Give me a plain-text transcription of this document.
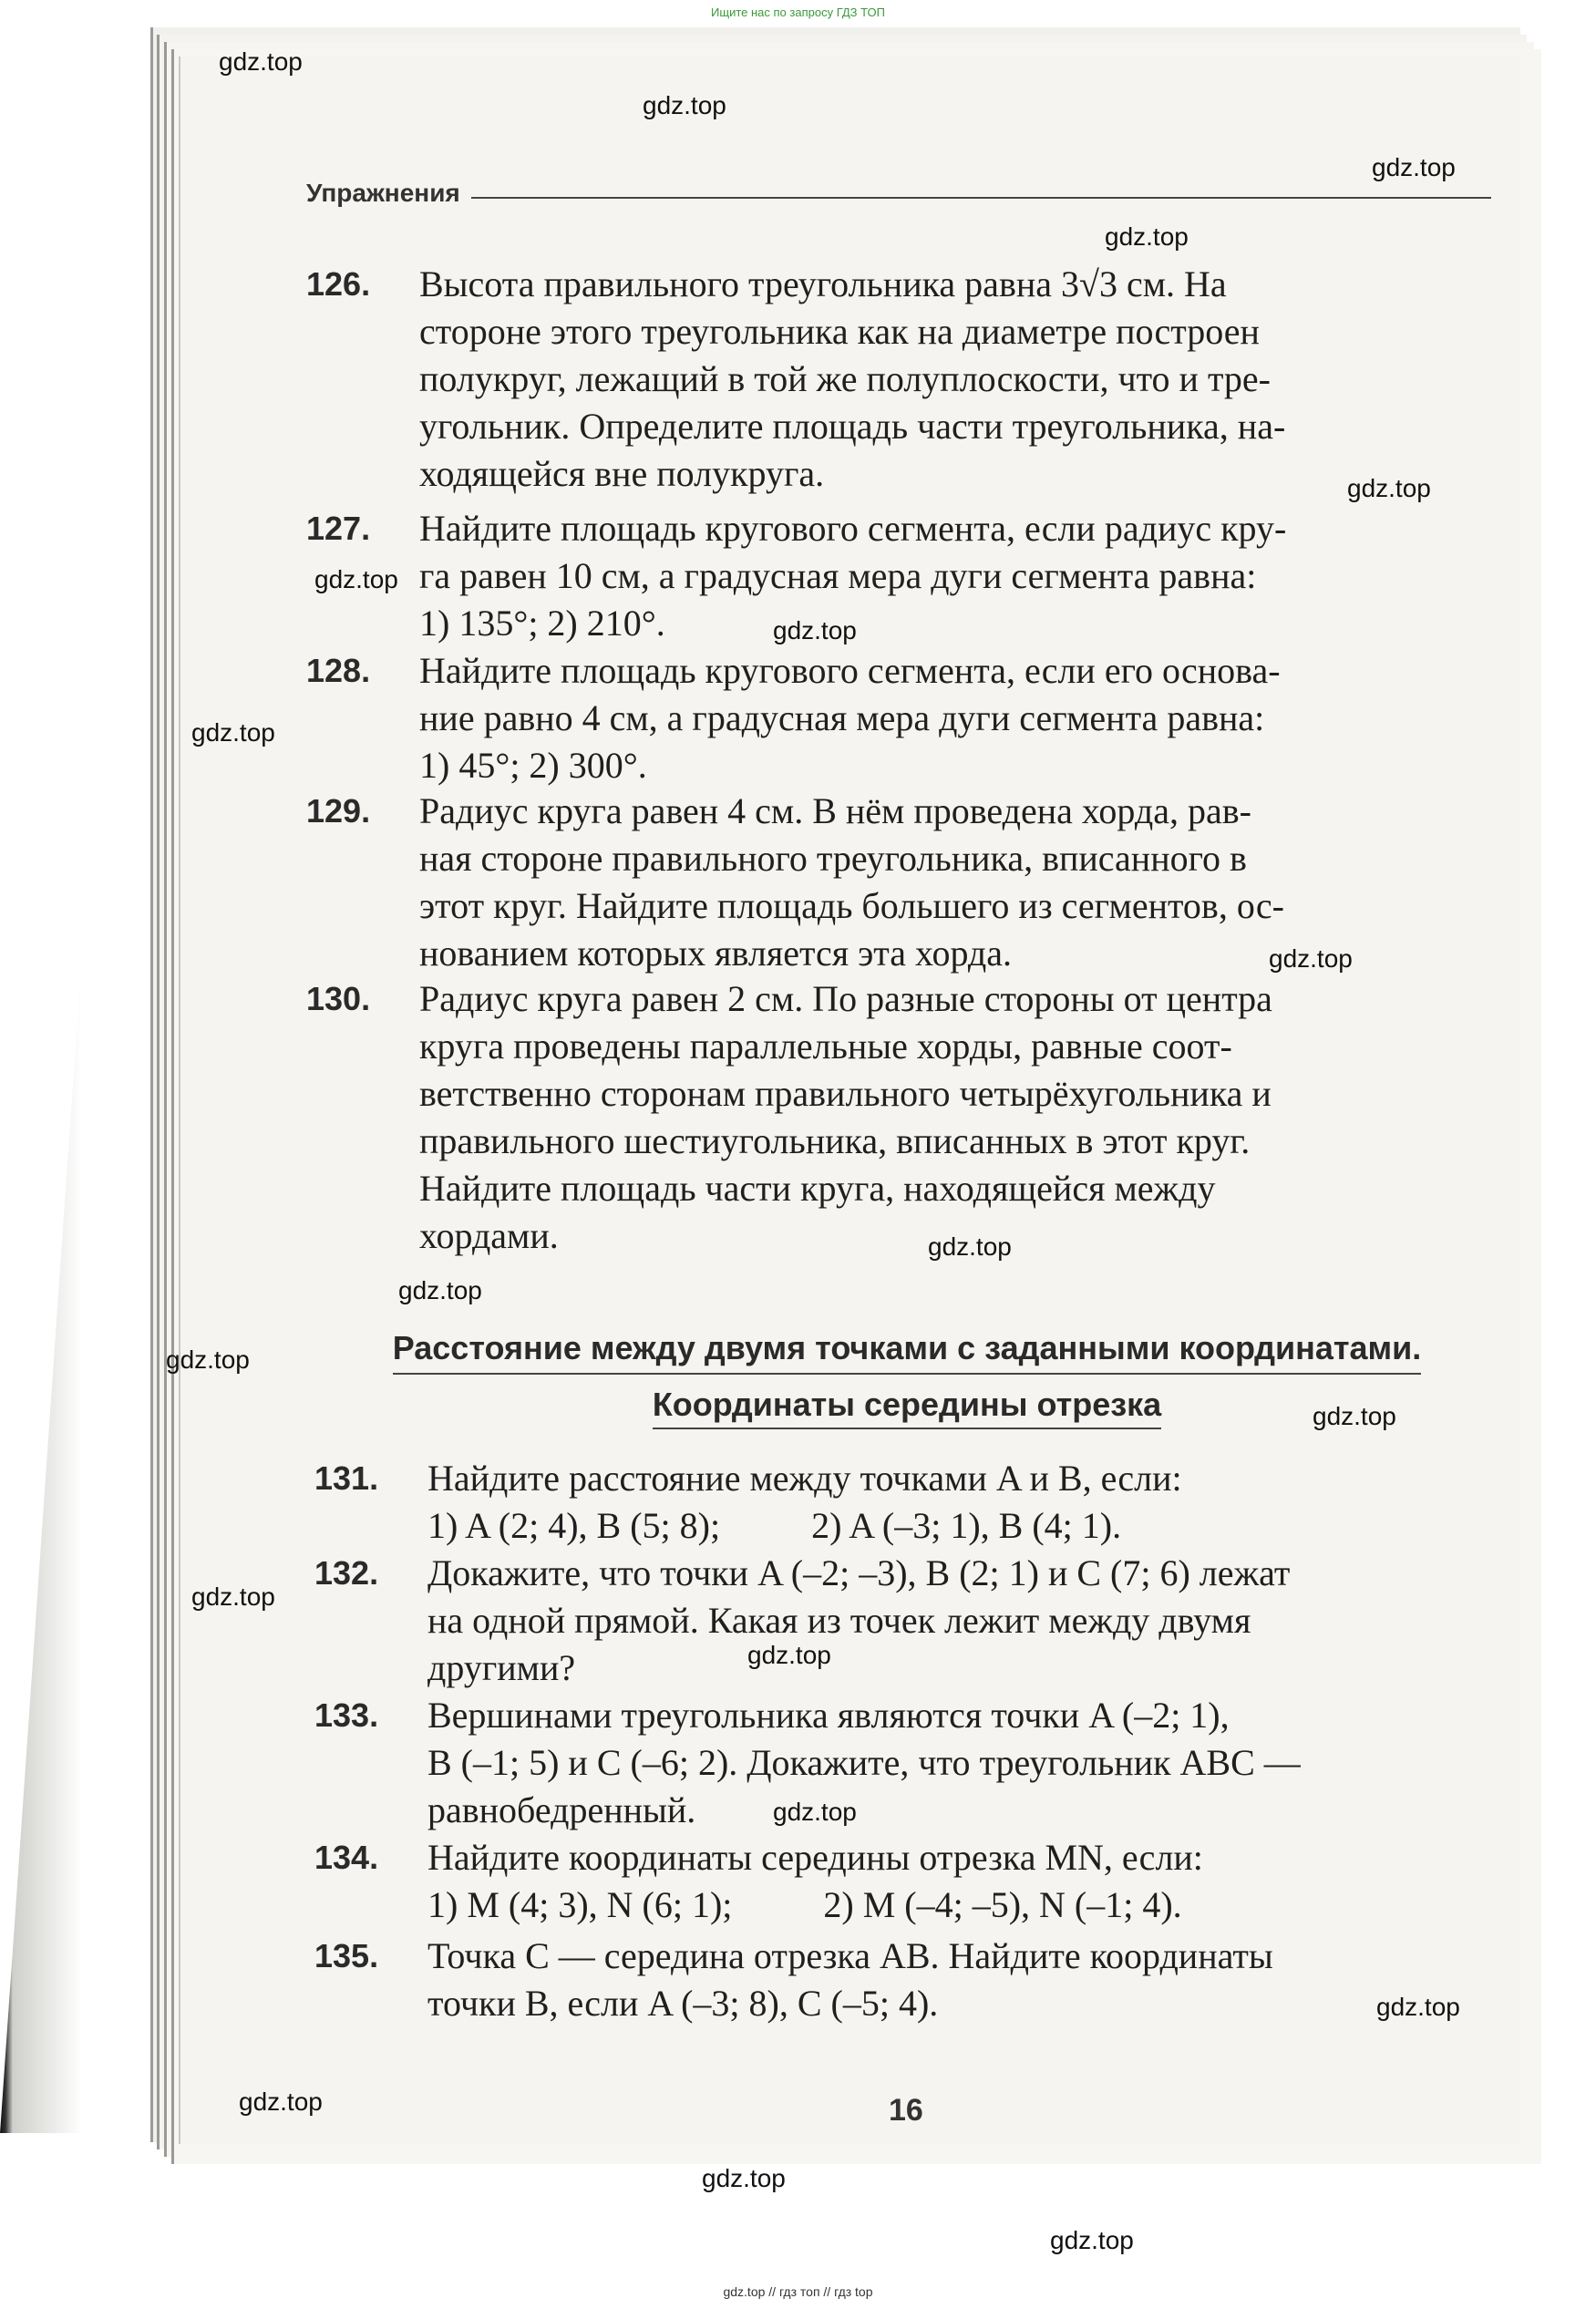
Ищите нас по запросу ГДЗ ТОП
Упражнения
126. Высота правильного треугольника равна 3√3 см. На
стороне этого треугольника как на диаметре построен
полукруг, лежащий в той же полуплоскости, что и тре-
угольник. Определите площадь части треугольника, на-
ходящейся вне полукруга.
127. Найдите площадь кругового сегмента, если радиус кру-
га равен 10 см, а градусная мера дуги сегмента равна:
1) 135°; 2) 210°.
128. Найдите площадь кругового сегмента, если его основа-
ние равно 4 см, а градусная мера дуги сегмента равна:
1) 45°; 2) 300°.
129. Радиус круга равен 4 см. В нём проведена хорда, рав-
ная стороне правильного треугольника, вписанного в
этот круг. Найдите площадь большего из сегментов, ос-
нованием которых является эта хорда.
130. Радиус круга равен 2 см. По разные стороны от центра
круга проведены параллельные хорды, равные соот-
ветственно сторонам правильного четырёхугольника и
правильного шестиугольника, вписанных в этот круг.
Найдите площадь части круга, находящейся между
хордами.
Расстояние между двумя точками с заданными координатами.
Координаты середины отрезка
131. Найдите расстояние между точками A и B, если:
1) A (2; 4), B (5; 8);          2) A (–3; 1), B (4; 1).
132. Докажите, что точки A (–2; –3), B (2; 1) и C (7; 6) лежат
на одной прямой. Какая из точек лежит между двумя
другими?
133. Вершинами треугольника являются точки A (–2; 1),
B (–1; 5) и C (–6; 2). Докажите, что треугольник ABC —
равнобедренный.
134. Найдите координаты середины отрезка MN, если:
1) M (4; 3), N (6; 1);          2) M (–4; –5), N (–1; 4).
135. Точка C — середина отрезка AB. Найдите координаты
точки B, если A (–3; 8), C (–5; 4).
16
gdz.top
gdz.top
gdz.top
gdz.top
gdz.top
gdz.top
gdz.top
gdz.top
gdz.top
gdz.top
gdz.top
gdz.top
gdz.top
gdz.top
gdz.top
gdz.top
gdz.top
gdz.top
gdz.top
gdz.top
gdz.top // гдз топ // гдз top
